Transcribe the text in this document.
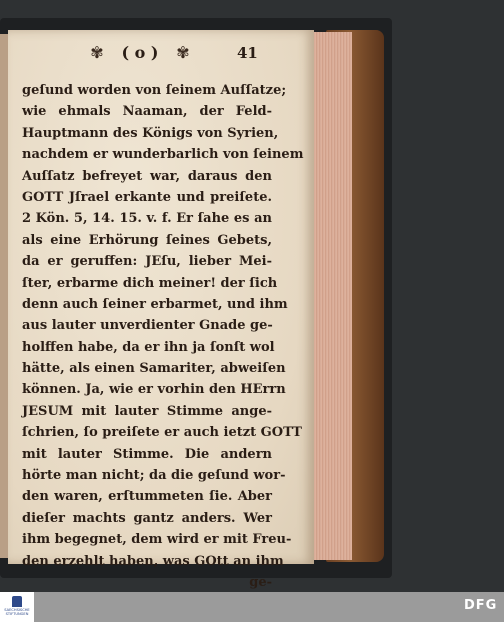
✾ ( o ) ✾	41
geſund worden von ſeinem Auſſatze;
wie ehmals Naaman, der Feld-
Hauptmann des Königs von Syrien,
nachdem er wunderbarlich von ſeinem
Auſſatz befreyet war, daraus den
GOTT Jſrael erkante und preiſete.
2 Kön. 5, 14. 15. v. f. Er ſahe es an
als eine Erhörung ſeines Gebets,
da er geruffen: JEſu, lieber Mei-
ſter, erbarme dich meiner! der ſich
denn auch ſeiner erbarmet, und ihm
aus lauter unverdienter Gnade ge-
holffen habe, da er ihn ja ſonſt wol
hätte, als einen Samariter, abweiſen
können. Ja, wie er vorhin den HErrn
JESUM mit lauter Stimme ange-
ſchrien, ſo preiſete er auch ietzt GOTT
mit lauter Stimme. Die andern
hörte man nicht; da die geſund wor-
den waren, erſtummeten ſie. Aber
dieſer machts gantz anders. Wer
ihm begegnet, dem wird er mit Freu-
den erzehlt haben, was GOtt an ihm
ge-
SAECHSISCHE STIFTUNGEN
DFG
